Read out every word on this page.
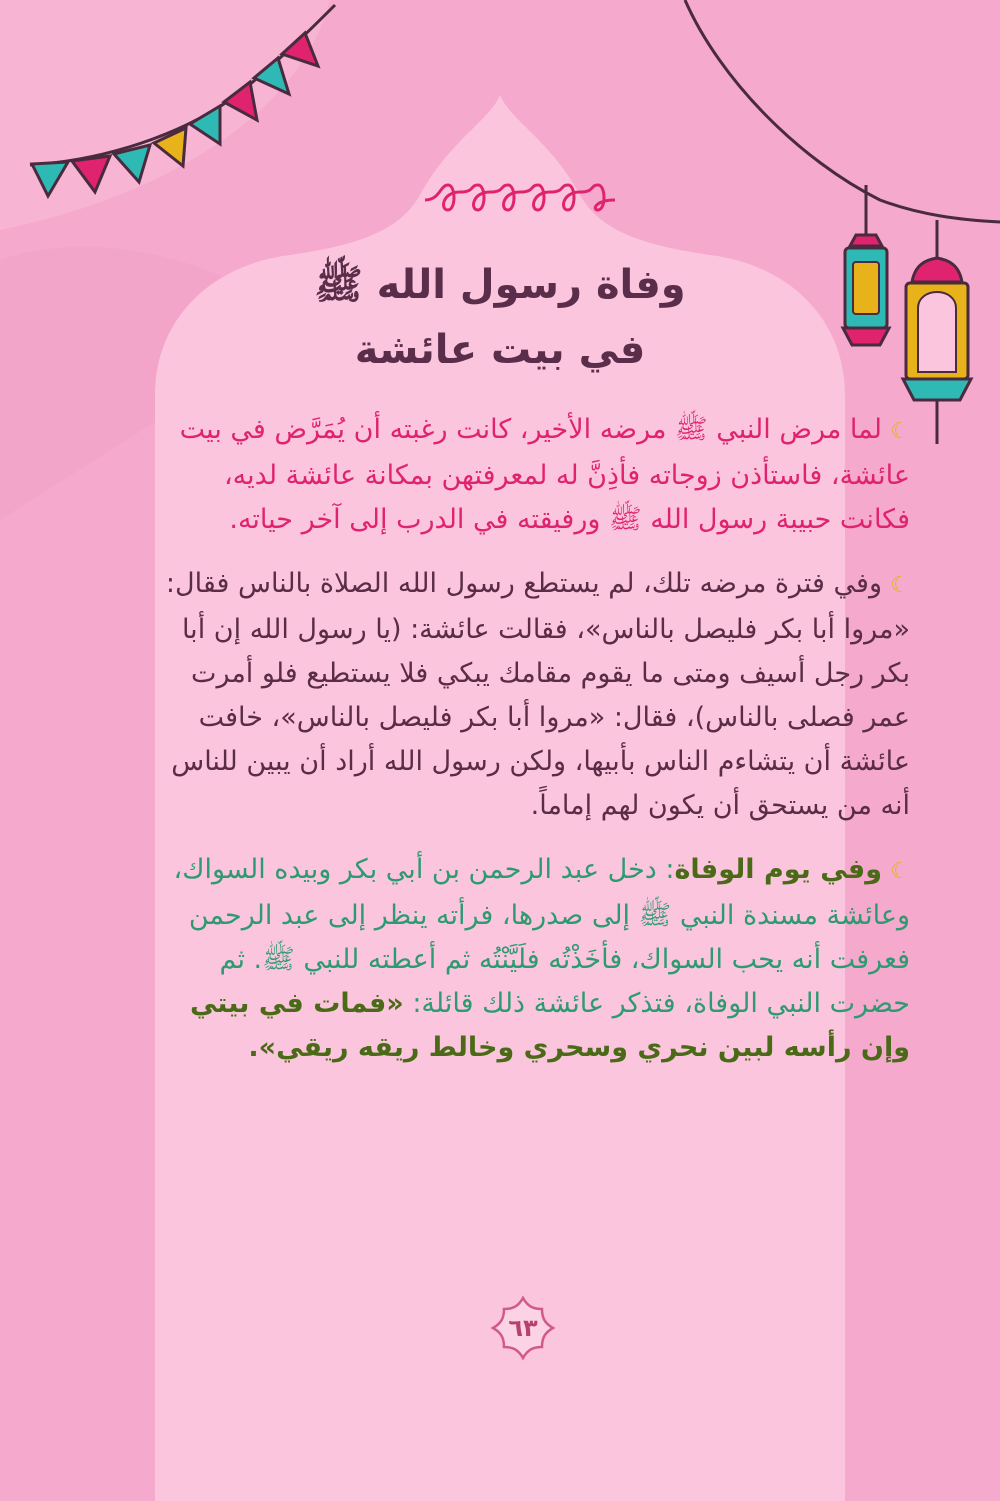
وفاة رسول الله ﷺ
في بيت عائشة

☾لما مرض النبي ﷺ مرضه الأخير، كانت رغبته أن يُمَرَّض في بيت عائشة، فاستأذن زوجاته فأذِنَّ له لمعرفتهن بمكانة عائشة لديه، فكانت حبيبة رسول الله ﷺ ورفيقته في الدرب إلى آخر حياته.

☾وفي فترة مرضه تلك، لم يستطع رسول الله الصلاة بالناس فقال: «مروا أبا بكر فليصل بالناس»، فقالت عائشة: (يا رسول الله إن أبا بكر رجل أسيف ومتى ما يقوم مقامك يبكي فلا يستطيع فلو أمرت عمر فصلى بالناس)، فقال: «مروا أبا بكر فليصل بالناس»، خافت عائشة أن يتشاءم الناس بأبيها، ولكن رسول الله أراد أن يبين للناس أنه من يستحق أن يكون لهم إماماً.

☾وفي يوم الوفاة: دخل عبد الرحمن بن أبي بكر وبيده السواك، وعائشة مسندة النبي ﷺ إلى صدرها، فرأته ينظر إلى عبد الرحمن فعرفت أنه يحب السواك، فأخَذْتُه فلَيَّنْتُه ثم أعطته للنبي ﷺ. ثم حضرت النبي الوفاة، فتذكر عائشة ذلك قائلة: «فمات في بيتي وإن رأسه لبين نحري وسحري وخالط ريقه ريقي».

٦٣
